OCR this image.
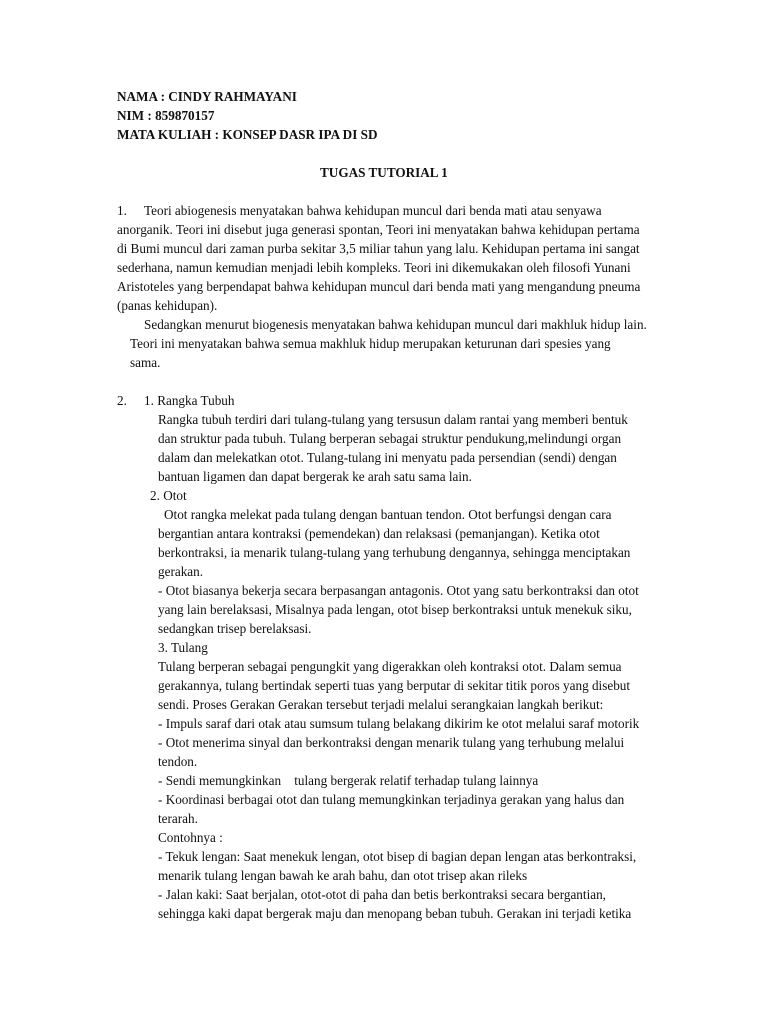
NAMA : CINDY RAHMAYANI
NIM : 859870157
MATA KULIAH : KONSEP DASR IPA DI SD
TUGAS TUTORIAL 1
1. Teori abiogenesis menyatakan bahwa kehidupan muncul dari benda mati atau senyawa
anorganik. Teori ini disebut juga generasi spontan, Teori ini menyatakan bahwa kehidupan pertama
di Bumi muncul dari zaman purba sekitar 3,5 miliar tahun yang lalu. Kehidupan pertama ini sangat
sederhana, namun kemudian menjadi lebih kompleks. Teori ini dikemukakan oleh filosofi Yunani
Aristoteles yang berpendapat bahwa kehidupan muncul dari benda mati yang mengandung pneuma
(panas kehidupan).
Sedangkan menurut biogenesis menyatakan bahwa kehidupan muncul dari makhluk hidup lain.
Teori ini menyatakan bahwa semua makhluk hidup merupakan keturunan dari spesies yang
sama.
2. 1. Rangka Tubuh
Rangka tubuh terdiri dari tulang-tulang yang tersusun dalam rantai yang memberi bentuk
dan struktur pada tubuh. Tulang berperan sebagai struktur pendukung,melindungi organ
dalam dan melekatkan otot. Tulang-tulang ini menyatu pada persendian (sendi) dengan
bantuan ligamen dan dapat bergerak ke arah satu sama lain.
2. Otot
Otot rangka melekat pada tulang dengan bantuan tendon. Otot berfungsi dengan cara
bergantian antara kontraksi (pemendekan) dan relaksasi (pemanjangan). Ketika otot
berkontraksi, ia menarik tulang-tulang yang terhubung dengannya, sehingga menciptakan
gerakan.
- Otot biasanya bekerja secara berpasangan antagonis. Otot yang satu berkontraksi dan otot
yang lain berelaksasi, Misalnya pada lengan, otot bisep berkontraksi untuk menekuk siku,
sedangkan trisep berelaksasi.
3. Tulang
Tulang berperan sebagai pengungkit yang digerakkan oleh kontraksi otot. Dalam semua
gerakannya, tulang bertindak seperti tuas yang berputar di sekitar titik poros yang disebut
sendi. Proses Gerakan Gerakan tersebut terjadi melalui serangkaian langkah berikut:
- Impuls saraf dari otak atau sumsum tulang belakang dikirim ke otot melalui saraf motorik
- Otot menerima sinyal dan berkontraksi dengan menarik tulang yang terhubung melalui
tendon.
- Sendi memungkinkan    tulang bergerak relatif terhadap tulang lainnya
- Koordinasi berbagai otot dan tulang memungkinkan terjadinya gerakan yang halus dan
terarah.
Contohnya :
- Tekuk lengan: Saat menekuk lengan, otot bisep di bagian depan lengan atas berkontraksi,
menarik tulang lengan bawah ke arah bahu, dan otot trisep akan rileks
- Jalan kaki: Saat berjalan, otot-otot di paha dan betis berkontraksi secara bergantian,
sehingga kaki dapat bergerak maju dan menopang beban tubuh. Gerakan ini terjadi ketika
